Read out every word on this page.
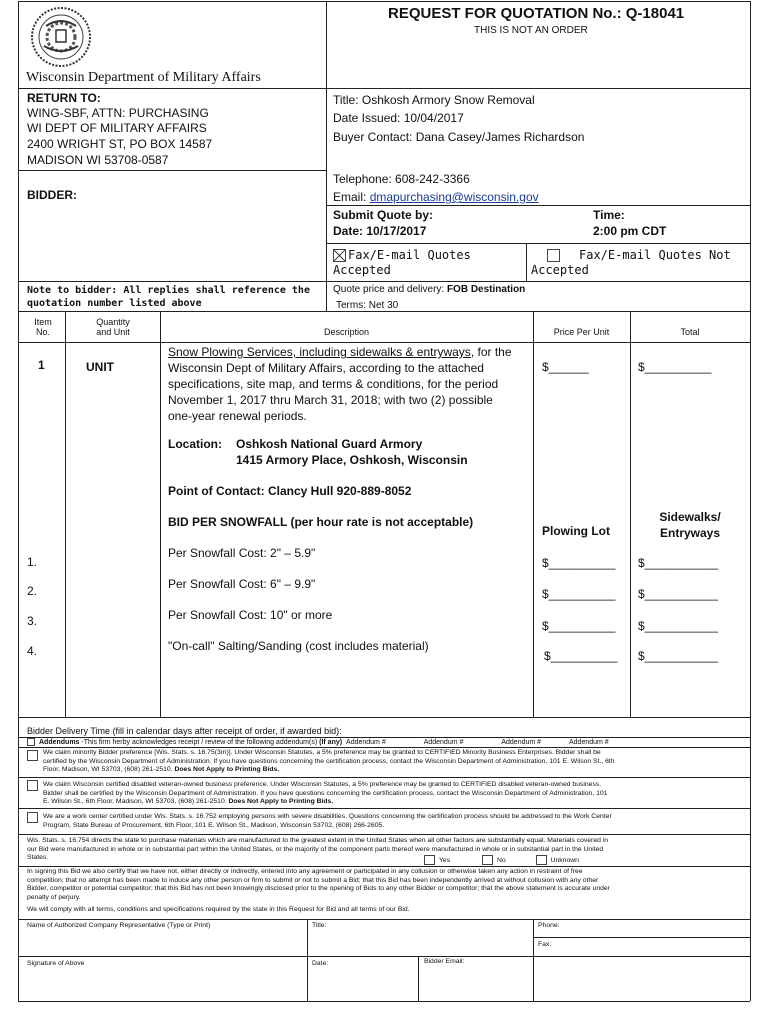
Wisconsin Department of Military Affairs
REQUEST FOR QUOTATION No.: Q-18041
THIS IS NOT AN ORDER
RETURN TO:
WING-SBF, ATTN: PURCHASING
WI DEPT OF MILITARY AFFAIRS
2400 WRIGHT ST, PO BOX 14587
MADISON WI 53708-0587
BIDDER:
Title: Oshkosh Armory Snow Removal
Date Issued: 10/04/2017
Buyer Contact: Dana Casey/James Richardson
Telephone: 608-242-3366
Email: dmapurchasing@wisconsin.gov
Submit Quote by:
Date: 10/17/2017
Time:
2:00 pm CDT
Fax/E-mail Quotes Accepted
Fax/E-mail Quotes Not Accepted
Note to bidder: All replies shall reference the quotation number listed above
Quote price and delivery: FOB Destination
Terms: Net 30
Item No.
Quantity and Unit	Description	Price Per Unit	Total
1	UNIT
Snow Plowing Services, including sidewalks & entryways, for the
Wisconsin Dept of Military Affairs, according to the attached
specifications, site map, and terms & conditions, for the period
November 1, 2017 thru March 31, 2018; with two (2) possible
one-year renewal periods.
Location: Oshkosh National Guard Armory
1415 Armory Place, Oshkosh, Wisconsin
Point of Contact: Clancy Hull 920-889-8052
BID PER SNOWFALL (per hour rate is not acceptable)
$______	$__________
Plowing Lot
Sidewalks/
Entryways
1.
Per Snowfall Cost: 2" – 5.9"
$__________ $___________
2.	Per Snowfall Cost: 6" – 9.9"
$__________ $___________
3.	Per Snowfall Cost: 10" or more
$__________ $___________
4.	"On-call" Salting/Sanding (cost includes material)
$__________ $___________
Bidder Delivery Time (fill in calendar days after receipt of order, if awarded bid):
Addendums -This firm herby acknowledges receipt / review of the following addendum(s) (If any) Addendum #	Addendum #	Addendum #	Addendum #
We claim minority Bidder preference [Wis. Stats. s. 16.75(3m)]. Under Wisconsin Statutes, a 5% preference may be granted to CERTIFIED Minority Business Enterprises. Bidder shall be
certified by the Wisconsin Department of Administration. If you have questions concerning the certification process, contact the Wisconsin Department of Administration, 101 E. Wilson St., 6th
Floor, Madison, WI 53703, (608) 261-2510. Does Not Apply to Printing Bids.
We claim Wisconsin certified disabled veteran-owned business preference. Under Wisconsin Statutes, a 5% preference may be granted to CERTIFIED disabled veteran-owned business.
Bidder shall be certified by the Wisconsin Department of Administration. If you have questions concerning the certification process, contact the Wisconsin Department of Administration, 101
E. Wilson St., 6th Floor, Madison, WI 53703, (608) 261-2510. Does Not Apply to Printing Bids.
We are a work center certified under Wis. Stats. s. 16.752 employing persons with severe disabilities. Questions concerning the certification process should be addressed to the Work Center
Program, State Bureau of Procurement, 6th Floor, 101 E. Wilson St., Madison, Wisconsin 53702, (608) 266-2605.
Wis. Stats. s. 16.754 directs the state to purchase materials which are manufactured to the greatest extent in the United States when all other factors are substantially equal. Materials covered in
our Bid were manufactured in whole or in substantial part within the United States, or the majority of the component parts thereof were manufactured in whole or in substantial part in the United
States.	Yes	No	Unknown
In signing this Bid we also certify that we have not, either directly or indirectly, entered into any agreement or participated in any collusion or otherwise taken any action in restraint of free
competition; that no attempt has been made to induce any other person or firm to submit or not to submit a Bid; that this Bid has been independently arrived at without collusion with any other
Bidder, competitor or potential competitor; that this Bid has not been knowingly disclosed prior to the opening of Bids to any other Bidder or competitor; that the above statement is accurate under
penalty of perjury.
We will comply with all terms, conditions and specifications required by the state in this Request for Bid and all terms of our Bid.
Name of Authorized Company Representative (Type or Print)	Title:	Phone:
Fax:
Signature of Above	Date:	Bidder Email:
